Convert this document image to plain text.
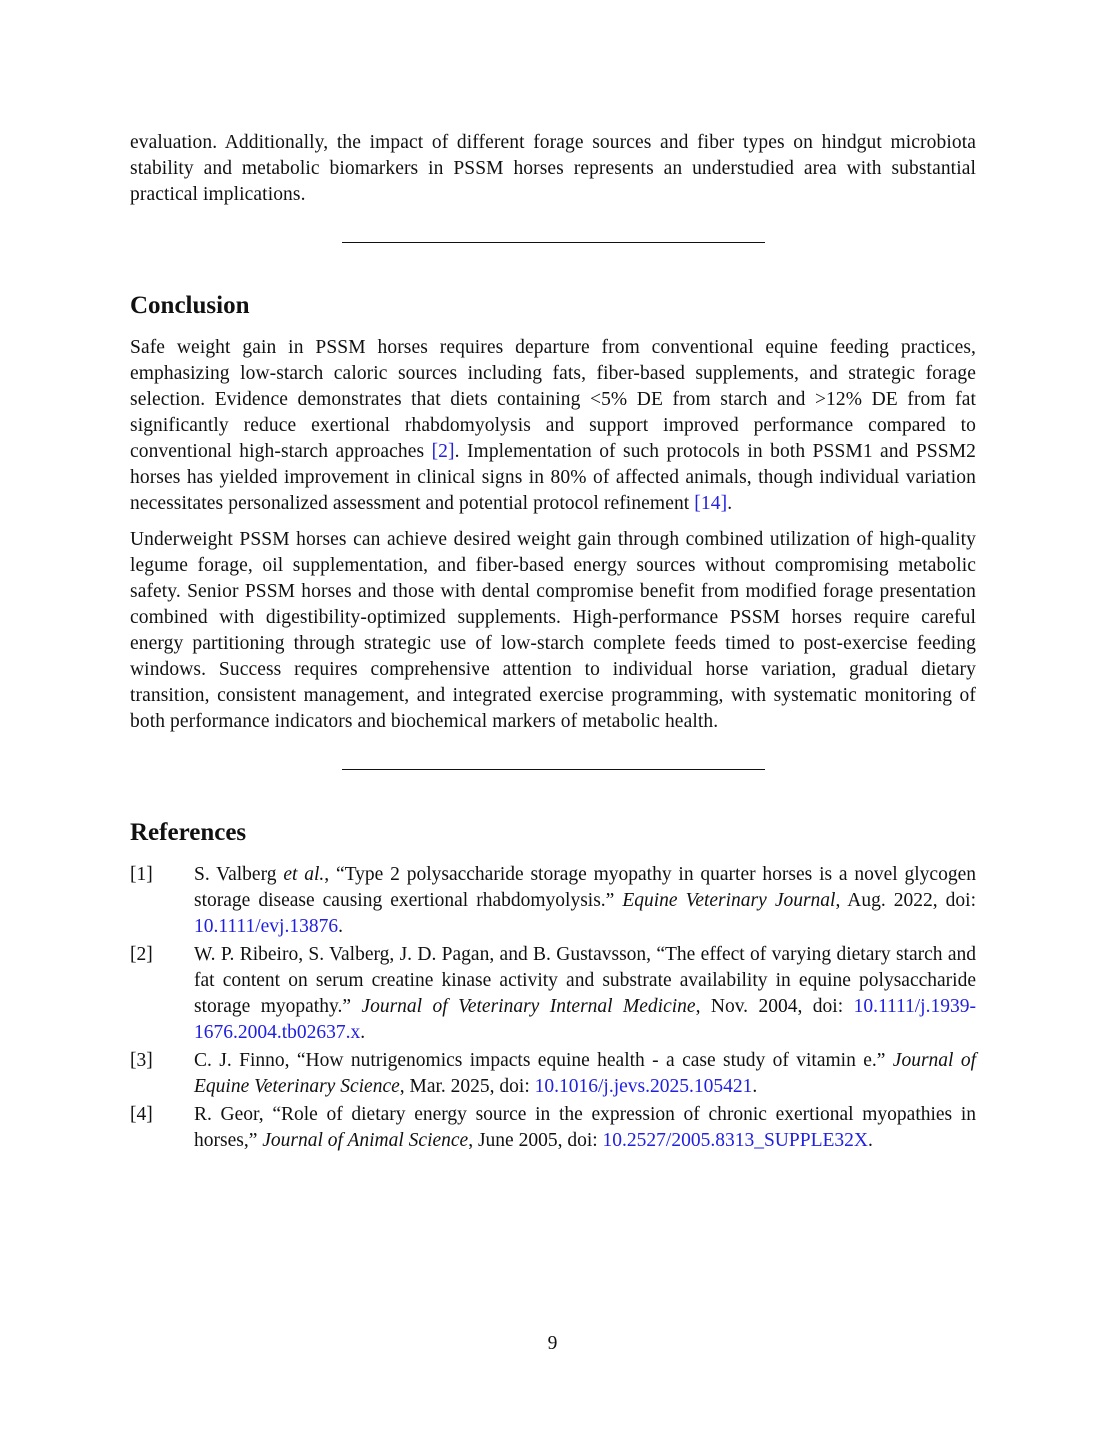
evaluation. Additionally, the impact of different forage sources and fiber types on hindgut microbiota stability and metabolic biomarkers in PSSM horses represents an understudied area with substantial practical implications.

Conclusion

Safe weight gain in PSSM horses requires departure from conventional equine feeding practices, emphasizing low-starch caloric sources including fats, fiber-based supplements, and strategic forage selection. Evidence demonstrates that diets containing <5% DE from starch and >12% DE from fat significantly reduce exertional rhabdomyolysis and support improved performance compared to conventional high-starch approaches [2]. Implementation of such protocols in both PSSM1 and PSSM2 horses has yielded improvement in clinical signs in 80% of affected animals, though individual variation necessitates personalized assessment and potential protocol refinement [14].

Underweight PSSM horses can achieve desired weight gain through combined utilization of high-quality legume forage, oil supplementation, and fiber-based energy sources without compromising metabolic safety. Senior PSSM horses and those with dental compromise benefit from modified forage presentation combined with digestibility-optimized supplements. High-performance PSSM horses require careful energy partitioning through strategic use of low-starch complete feeds timed to post-exercise feeding windows. Success requires comprehensive attention to individual horse variation, gradual dietary transition, consistent management, and integrated exercise programming, with systematic monitoring of both performance indicators and biochemical markers of metabolic health.

References
[1]	S. Valberg et al., “Type 2 polysaccharide storage myopathy in quarter horses is a novel glycogen storage disease causing exertional rhabdomyolysis.” Equine Veterinary Journal, Aug. 2022, doi: 10.1111/evj.13876.
[2]	W. P. Ribeiro, S. Valberg, J. D. Pagan, and B. Gustavsson, “The effect of varying dietary starch and fat content on serum creatine kinase activity and substrate availability in equine polysaccharide storage myopathy.” Journal of Veterinary Internal Medicine, Nov. 2004, doi: 10.1111/j.1939-1676.2004.tb02637.x.
[3]	C. J. Finno, “How nutrigenomics impacts equine health - a case study of vitamin e.” Journal of Equine Veterinary Science, Mar. 2025, doi: 10.1016/j.jevs.2025.105421.
[4]	R. Geor, “Role of dietary energy source in the expression of chronic exertional myopathies in horses,” Journal of Animal Science, June 2005, doi: 10.2527/2005.8313_SUPPLE32X.
9
